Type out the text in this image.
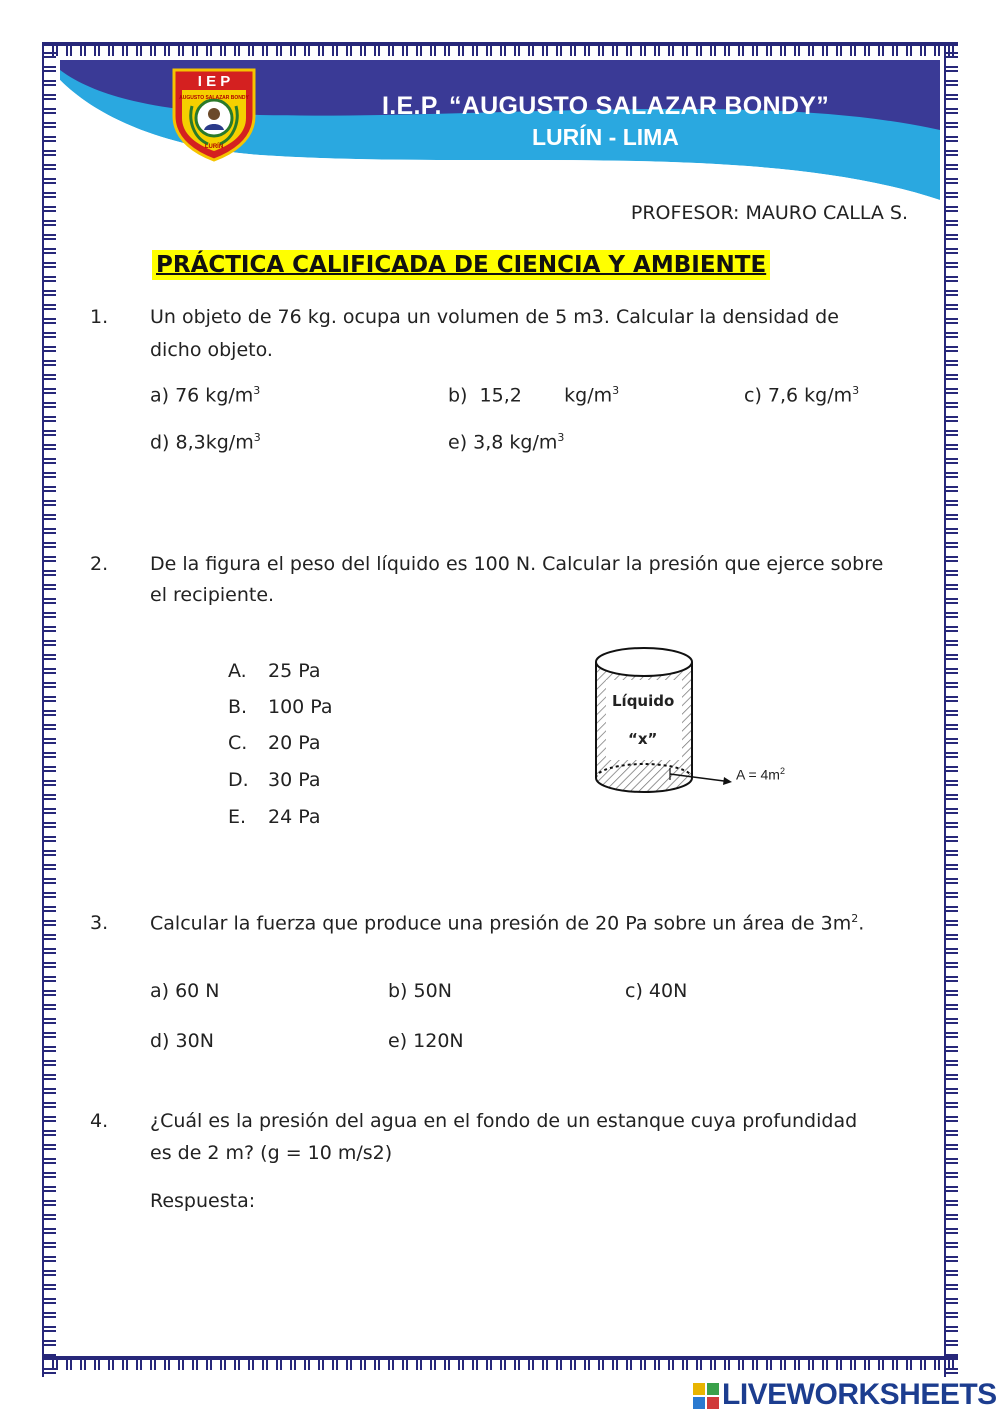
I E P
AUGUSTO SALAZAR BONDY
LURÍN
I.E.P. “AUGUSTO SALAZAR BONDY”
LURÍN - LIMA
PROFESOR: MAURO CALLA S.
PRÁCTICA CALIFICADA DE CIENCIA Y AMBIENTE
1. Un objeto de 76 kg. ocupa un volumen de 5 m3. Calcular la densidad de
dicho objeto.
a) 76 $kg/m^3$	b)  15,2       $kg/m^3$	c) 7,6 $kg/m^3$
d) $8,3kg/m^3$	e) 3,8 $kg/m^3$
2. De la figura el peso del líquido es 100 N. Calcular la presión que ejerce sobre
el recipiente.
A. 25 Pa
B. 100 Pa
C. 20 Pa
D. 30 Pa
E. 24 Pa
Líquido
“x”
$A = 4m^2$
3. Calcular la fuerza que produce una presión de 20 Pa sobre un área de $3m^2$.
a) 60 N	b) 50N	c) 40N
d) 30N	e) 120N
4. ¿Cuál es la presión del agua en el fondo de un estanque cuya profundidad
es de 2 m? (g = 10 m/s2)
Respuesta:
LIVEWORKSHEETS
